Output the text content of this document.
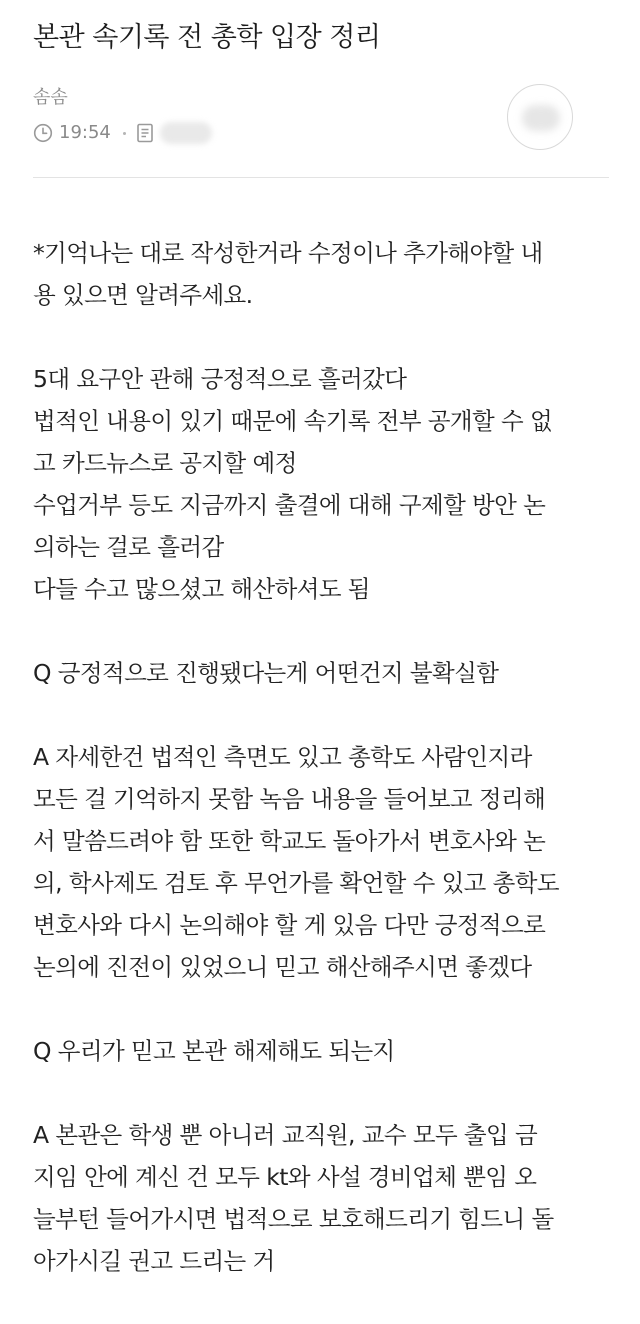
본관 속기록 전 총학 입장 정리
솜솜
19:54
*기억나는 대로 작성한거라 수정이나 추가해야할 내
용 있으면 알려주세요.
5대 요구안 관해 긍정적으로 흘러갔다
법적인 내용이 있기 때문에 속기록 전부 공개할 수 없
고 카드뉴스로 공지할 예정
수업거부 등도 지금까지 출결에 대해 구제할 방안 논
의하는 걸로 흘러감
다들 수고 많으셨고 해산하셔도 됨
Q 긍정적으로 진행됐다는게 어떤건지 불확실함
A 자세한건 법적인 측면도 있고 총학도 사람인지라
모든 걸 기억하지 못함 녹음 내용을 들어보고 정리해
서 말씀드려야 함 또한 학교도 돌아가서 변호사와 논
의, 학사제도 검토 후 무언가를 확언할 수 있고 총학도
변호사와 다시 논의해야 할 게 있음 다만 긍정적으로
논의에 진전이 있었으니 믿고 해산해주시면 좋겠다
Q 우리가 믿고 본관 해제해도 되는지
A 본관은 학생 뿐 아니러 교직원, 교수 모두 출입 금
지임 안에 계신 건 모두 kt와 사설 경비업체 뿐임 오
늘부턴 들어가시면 법적으로 보호해드리기 힘드니 돌
아가시길 권고 드리는 거
